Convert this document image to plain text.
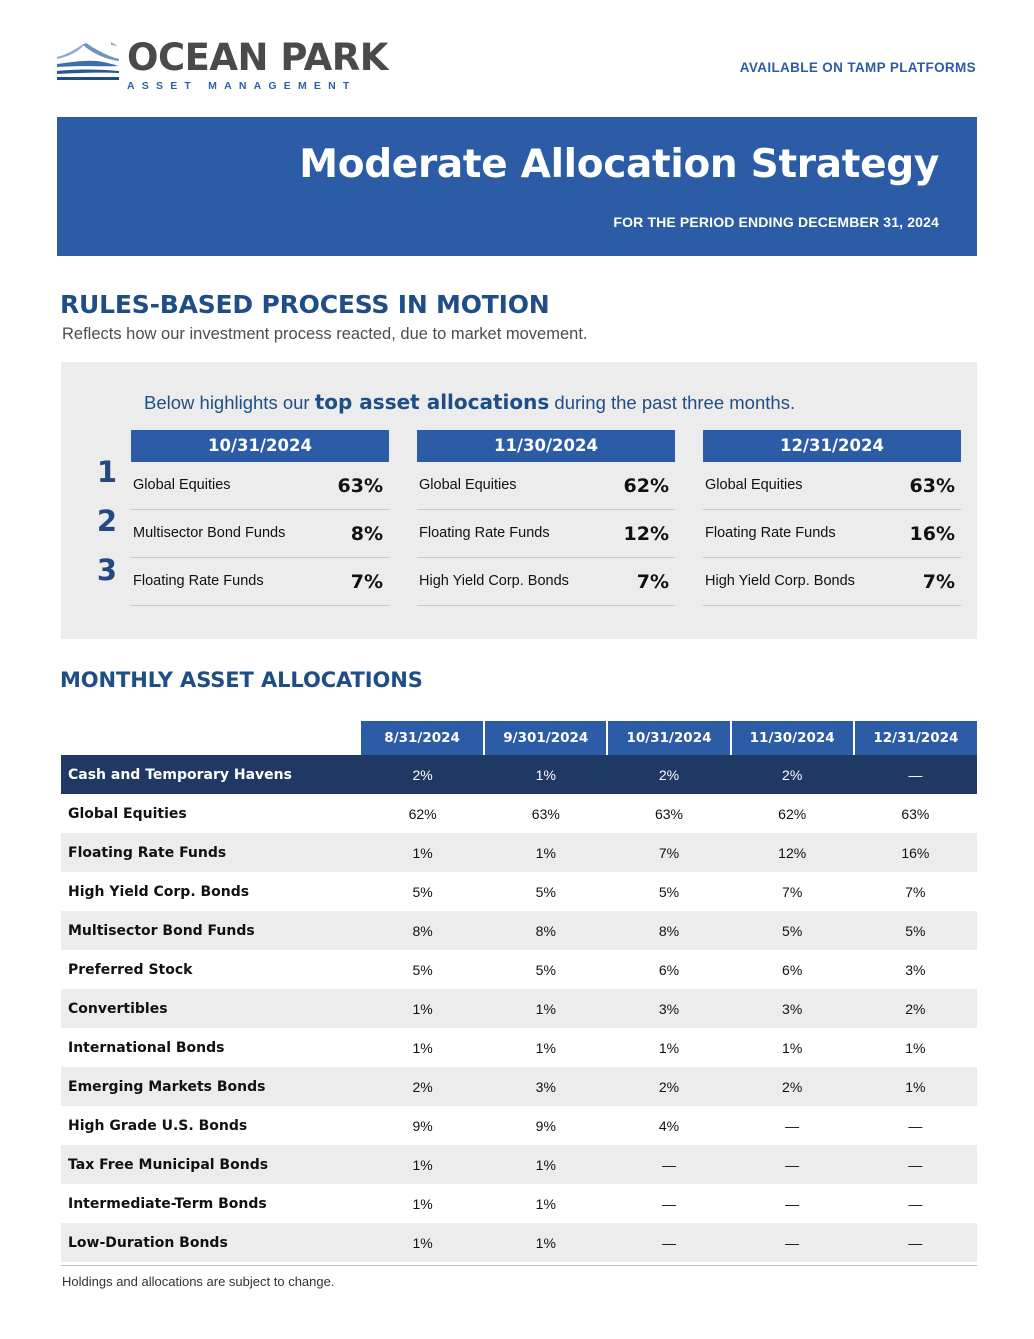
OCEAN PARK
ASSET MANAGEMENT
AVAILABLE ON TAMP PLATFORMS
Moderate Allocation Strategy
FOR THE PERIOD ENDING DECEMBER 31, 2024
RULES-BASED PROCESS IN MOTION
Reflects how our investment process reacted, due to market movement.
Below highlights our top asset allocations during the past three months.
1
2
3
10/31/2024
Global Equities	63%
Multisector Bond Funds	8%
Floating Rate Funds	7%
11/30/2024
Global Equities	62%
Floating Rate Funds	12%
High Yield Corp. Bonds	7%
12/31/2024
Global Equities	63%
Floating Rate Funds	16%
High Yield Corp. Bonds	7%
MONTHLY ASSET ALLOCATIONS
	8/31/2024	9/301/2024	10/31/2024	11/30/2024	12/31/2024
Cash and Temporary Havens	2%	1%	2%	2%	—
Global Equities	62%	63%	63%	62%	63%
Floating Rate Funds	1%	1%	7%	12%	16%
High Yield Corp. Bonds	5%	5%	5%	7%	7%
Multisector Bond Funds	8%	8%	8%	5%	5%
Preferred Stock	5%	5%	6%	6%	3%
Convertibles	1%	1%	3%	3%	2%
International Bonds	1%	1%	1%	1%	1%
Emerging Markets Bonds	2%	3%	2%	2%	1%
High Grade U.S. Bonds	9%	9%	4%	—	—
Tax Free Municipal Bonds	1%	1%	—	—	—
Intermediate-Term Bonds	1%	1%	—	—	—
Low-Duration Bonds	1%	1%	—	—	—
Holdings and allocations are subject to change.
